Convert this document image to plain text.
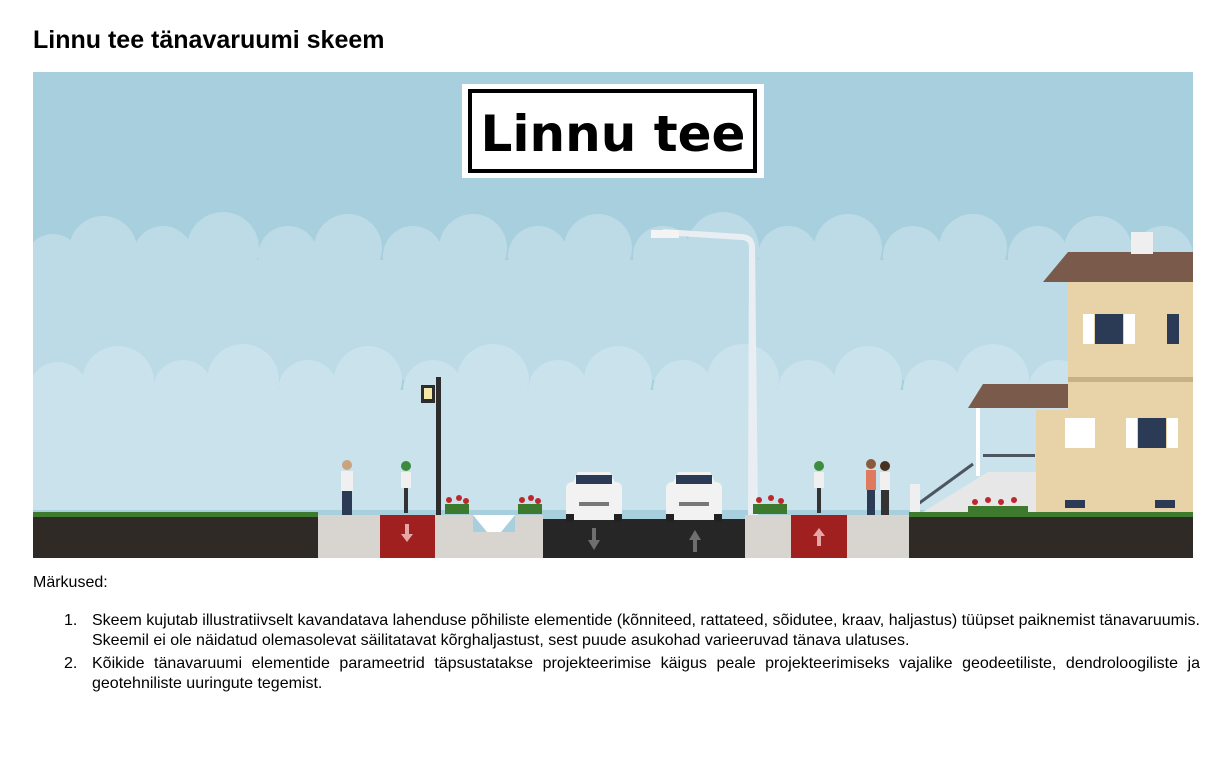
Linnu tee tänavaruumi skeem
Linnu tee
Märkused:
1. Skeem kujutab illustratiivselt kavandatava lahenduse põhiliste elementide (kõnniteed, rattateed, sõidutee, kraav, haljastus) tüüpset paiknemist tänavaruumis. Skeemil ei ole näidatud olemasolevat säilitatavat kõrghaljastust, sest puude asukohad varieeruvad tänava ulatuses.
2. Kõikide tänavaruumi elementide parameetrid täpsustatakse projekteerimise käigus peale projekteerimiseks vajalike geodeetiliste, dendroloogiliste ja geotehniliste uuringute tegemist.
